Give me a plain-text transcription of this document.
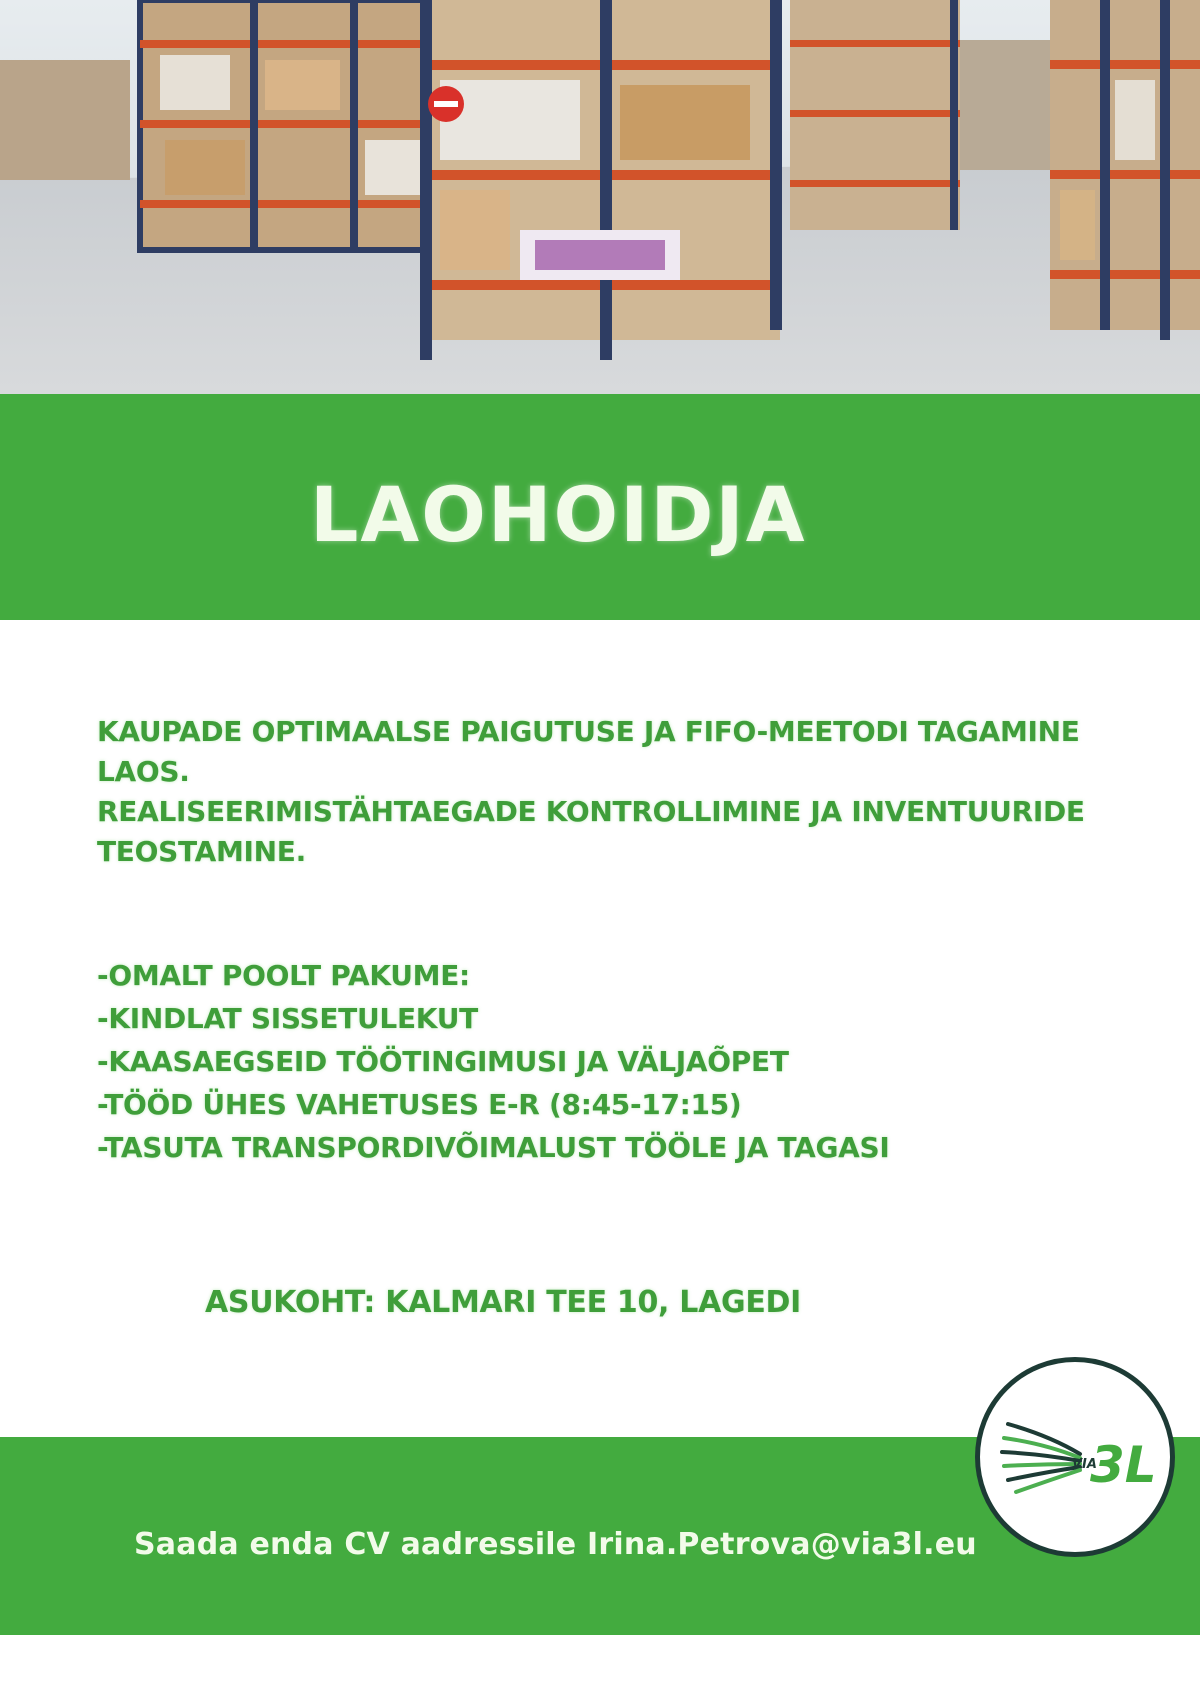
LAOHOIDJA

KAUPADE OPTIMAALSE PAIGUTUSE JA FIFO-MEETODI TAGAMINE LAOS.

REALISEERIMISTÄHTAEGADE KONTROLLIMINE JA INVENTUURIDE TEOSTAMINE.

-OMALT POOLT PAKUME:

-KINDLAT SISSETULEKUT

-KAASAEGSEID TÖÖTINGIMUSI JA VÄLJAÕPET

-TÖÖD ÜHES VAHETUSES E-R (8:45-17:15)

-TASUTA TRANSPORDIVÕIMALUST TÖÖLE JA TAGASI

ASUKOHT: KALMARI TEE 10, LAGEDI
Saada enda CV aadressile Irina.Petrova@via3l.eu
VIA
3L
